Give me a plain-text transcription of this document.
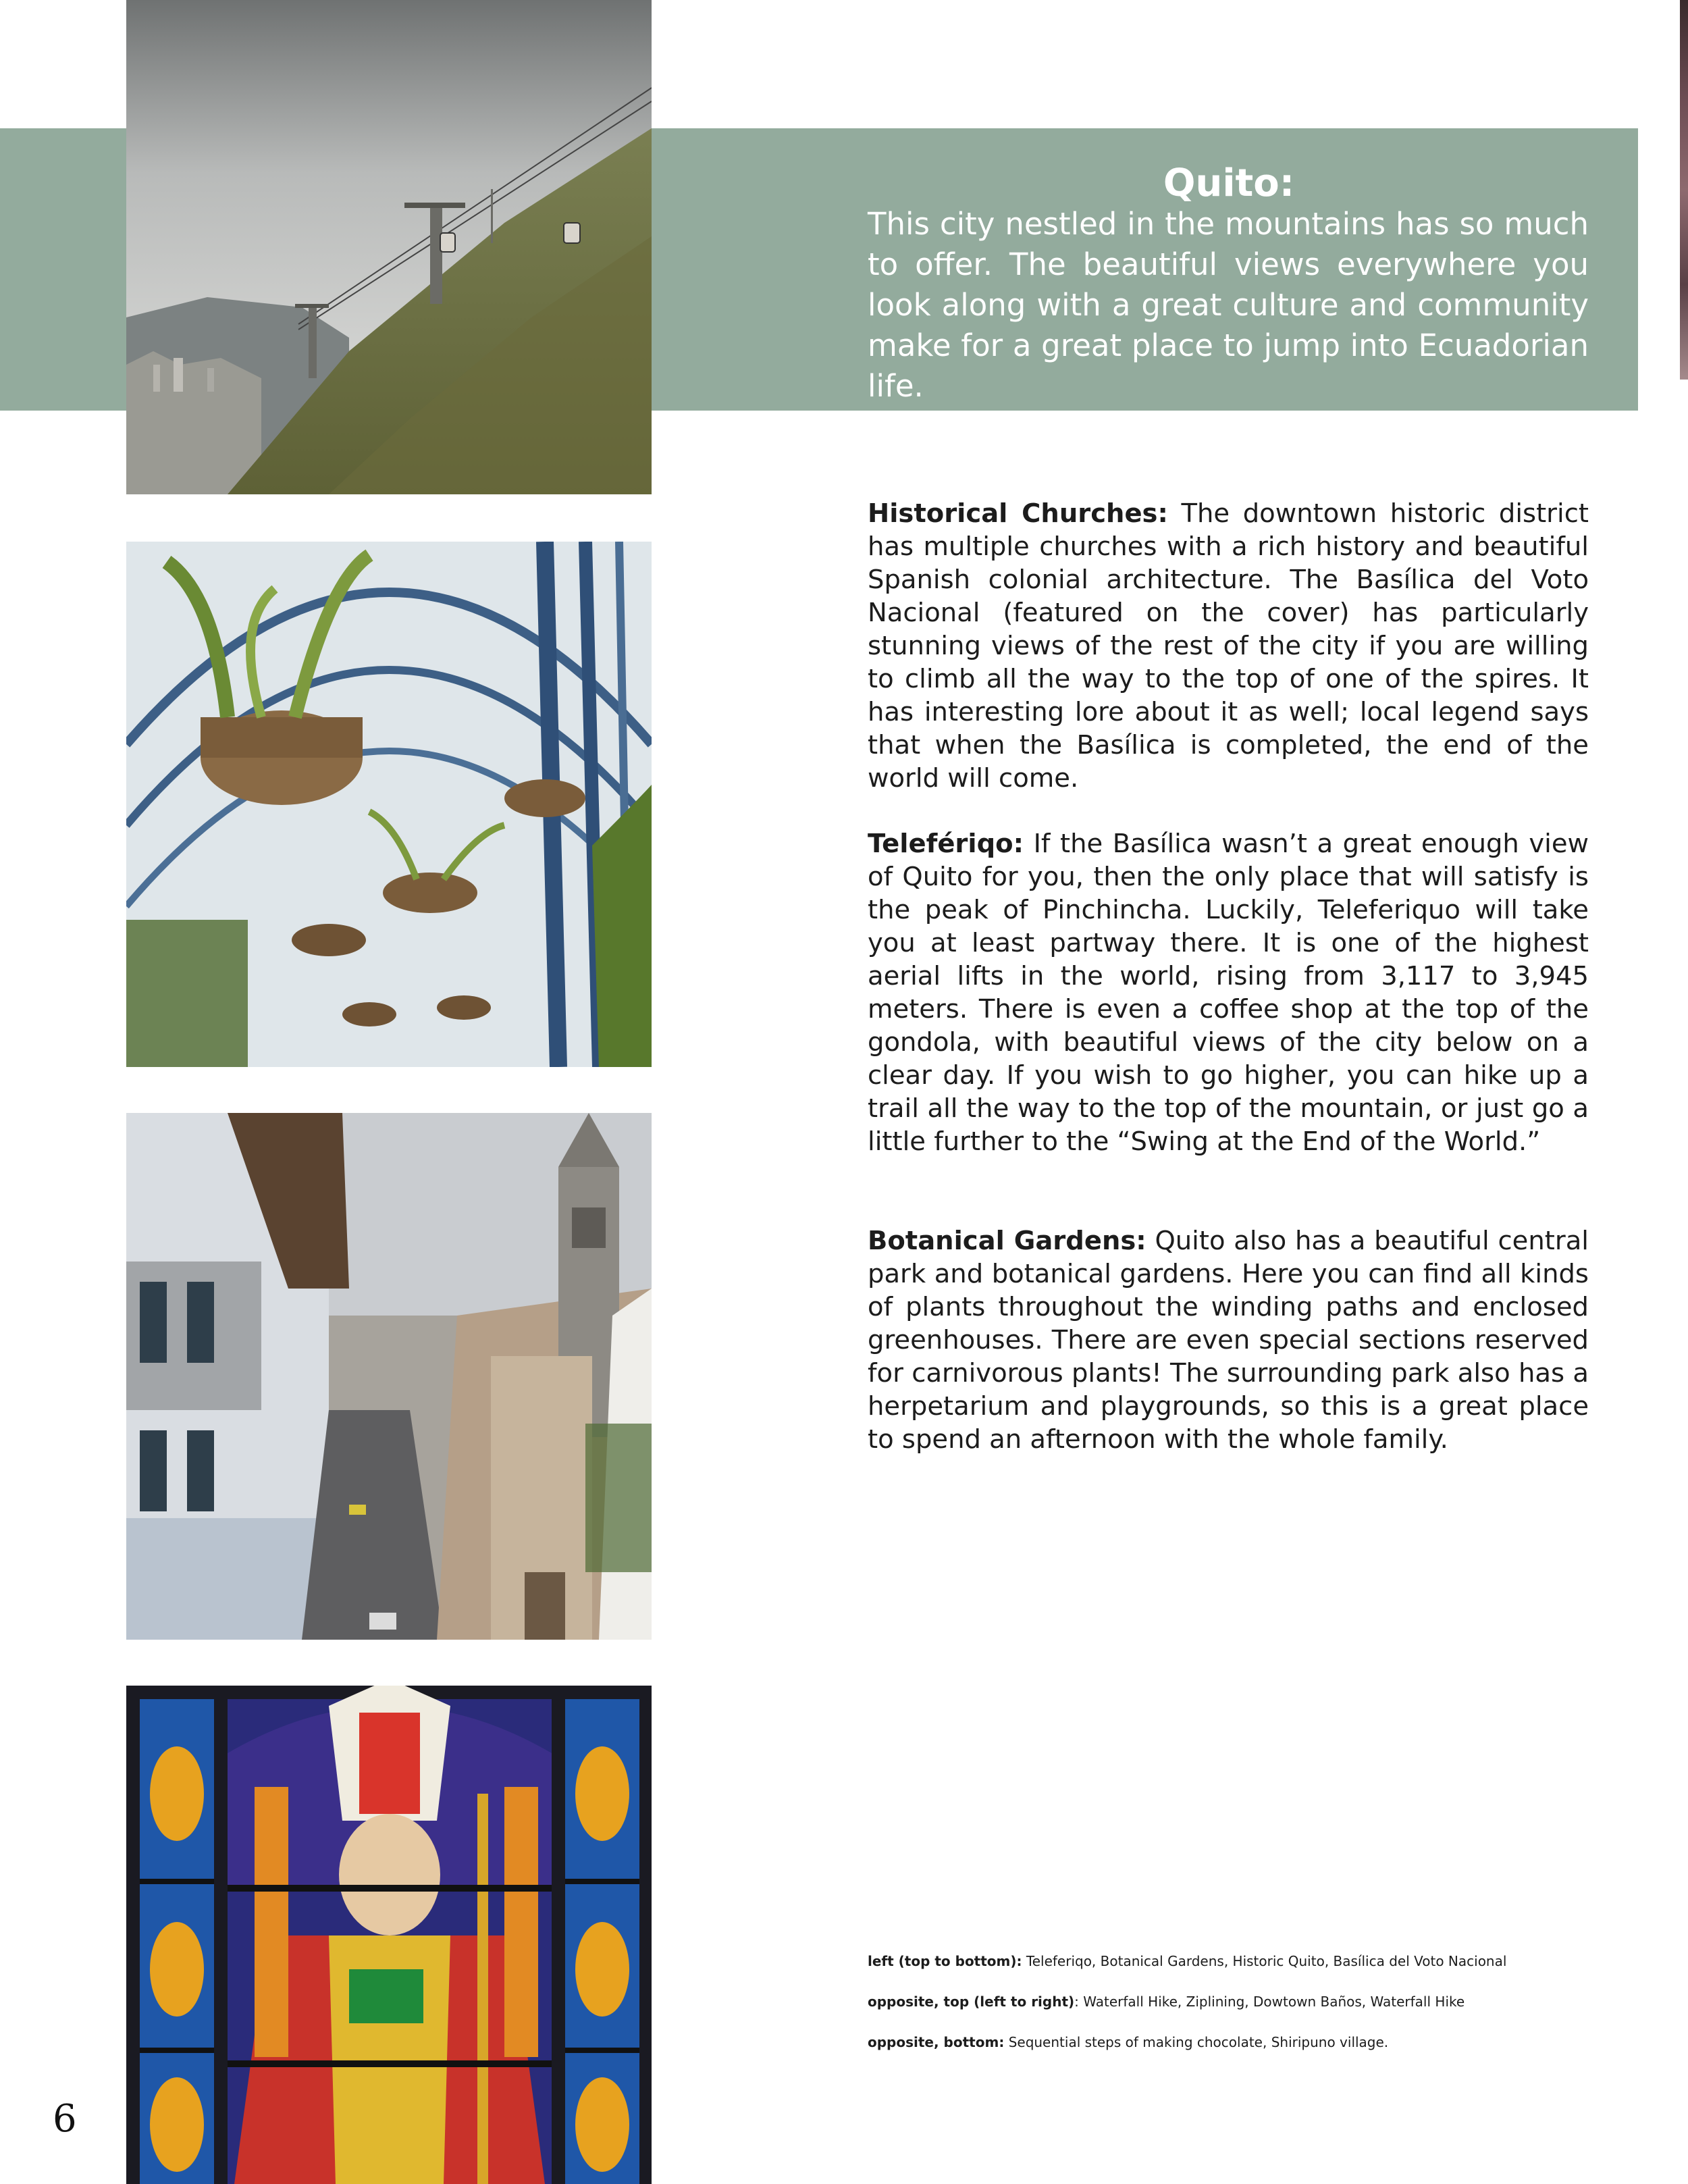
Quito:

This city nestled in the mountains has so much to offer. The beautiful views everywhere you look along with a great culture and community make for a great place to jump into Ecuadorian life.

Historical Churches: The downtown historic district has multiple churches with a rich history and beautiful Spanish colonial architecture. The Basílica del Voto Nacional (featured on the cover) has particularly stunning views of the rest of the city if you are willing to climb all the way to the top of one of the spires. It has interesting lore about it as well; local legend says that when the Basílica is completed, the end of the world will come.

Telefériqo: If the Basílica wasn’t a great enough view of Quito for you, then the only place that will satisfy is the peak of Pinchincha. Luckily, Teleferiquo will take you at least partway there. It is one of the highest aerial lifts in the world, rising from 3,117 to 3,945 meters. There is even a coffee shop at the top of the gondola, with beautiful views of the city below on a clear day. If you wish to go higher, you can hike up a trail all the way to the top of the mountain, or just go a little further to the “Swing at the End of the World.”

Botanical Gardens: Quito also has a beautiful central park and botanical gardens. Here you can find all kinds of plants throughout the winding paths and enclosed greenhouses. There are even special sections reserved for carnivorous plants! The surrounding park also has a herpetarium and playgrounds, so this is a great place to spend an afternoon with the whole family.

left (top to bottom): Teleferiqo, Botanical Gardens, Historic Quito, Basílica del Voto Nacional

opposite, top (left to right): Waterfall Hike, Ziplining, Dowtown Baños, Waterfall Hike

opposite, bottom: Sequential steps of making chocolate, Shiripuno village.

6
